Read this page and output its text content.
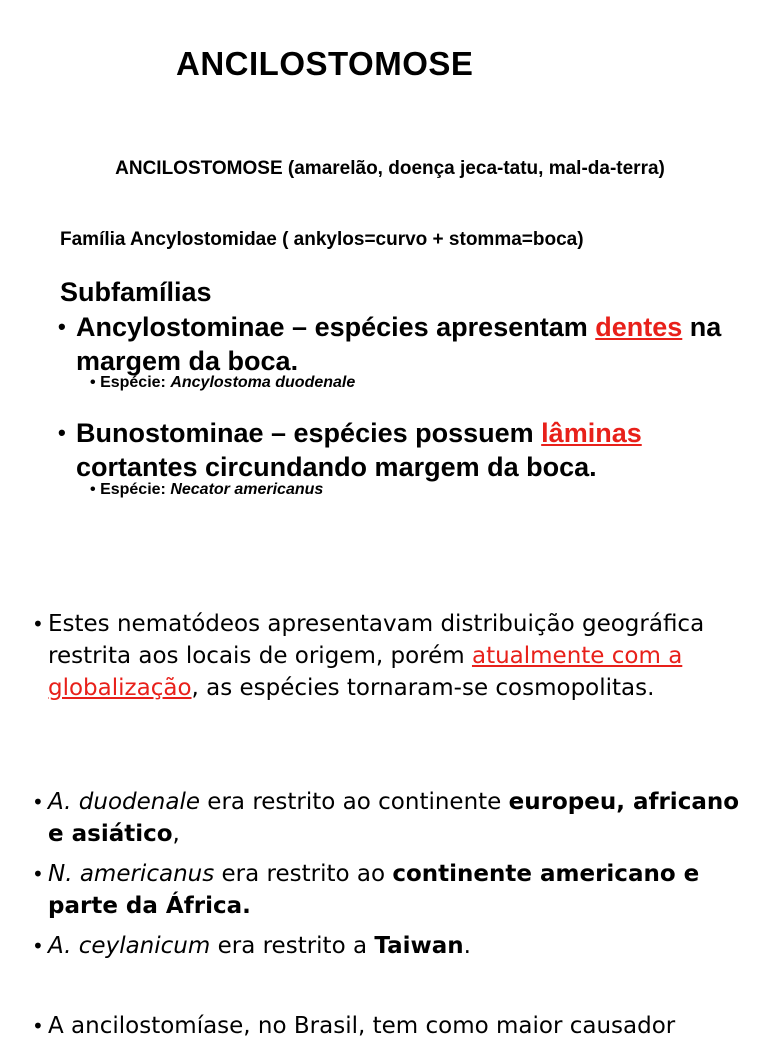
ANCILOSTOMOSE

ANCILOSTOMOSE (amarelão, doença jeca-tatu, mal-da-terra)

Família Ancylostomidae ( ankylos=curvo + stomma=boca)

Subfamílias

• Ancylostominae – espécies apresentam dentes na margem da boca.

• Espécie: Ancylostoma duodenale

• Bunostominae – espécies possuem lâminas cortantes circundando margem da boca.

• Espécie: Necator americanus

• Estes nematódeos apresentavam distribuição geográfica restrita aos locais de origem, porém atualmente com a globalização, as espécies tornaram-se cosmopolitas.
• A. duodenale era restrito ao continente europeu, africano e asiático,
• N. americanus era restrito ao continente americano e parte da África.
• A. ceylanicum era restrito a Taiwan.
• A ancilostomíase, no Brasil, tem como maior causador
